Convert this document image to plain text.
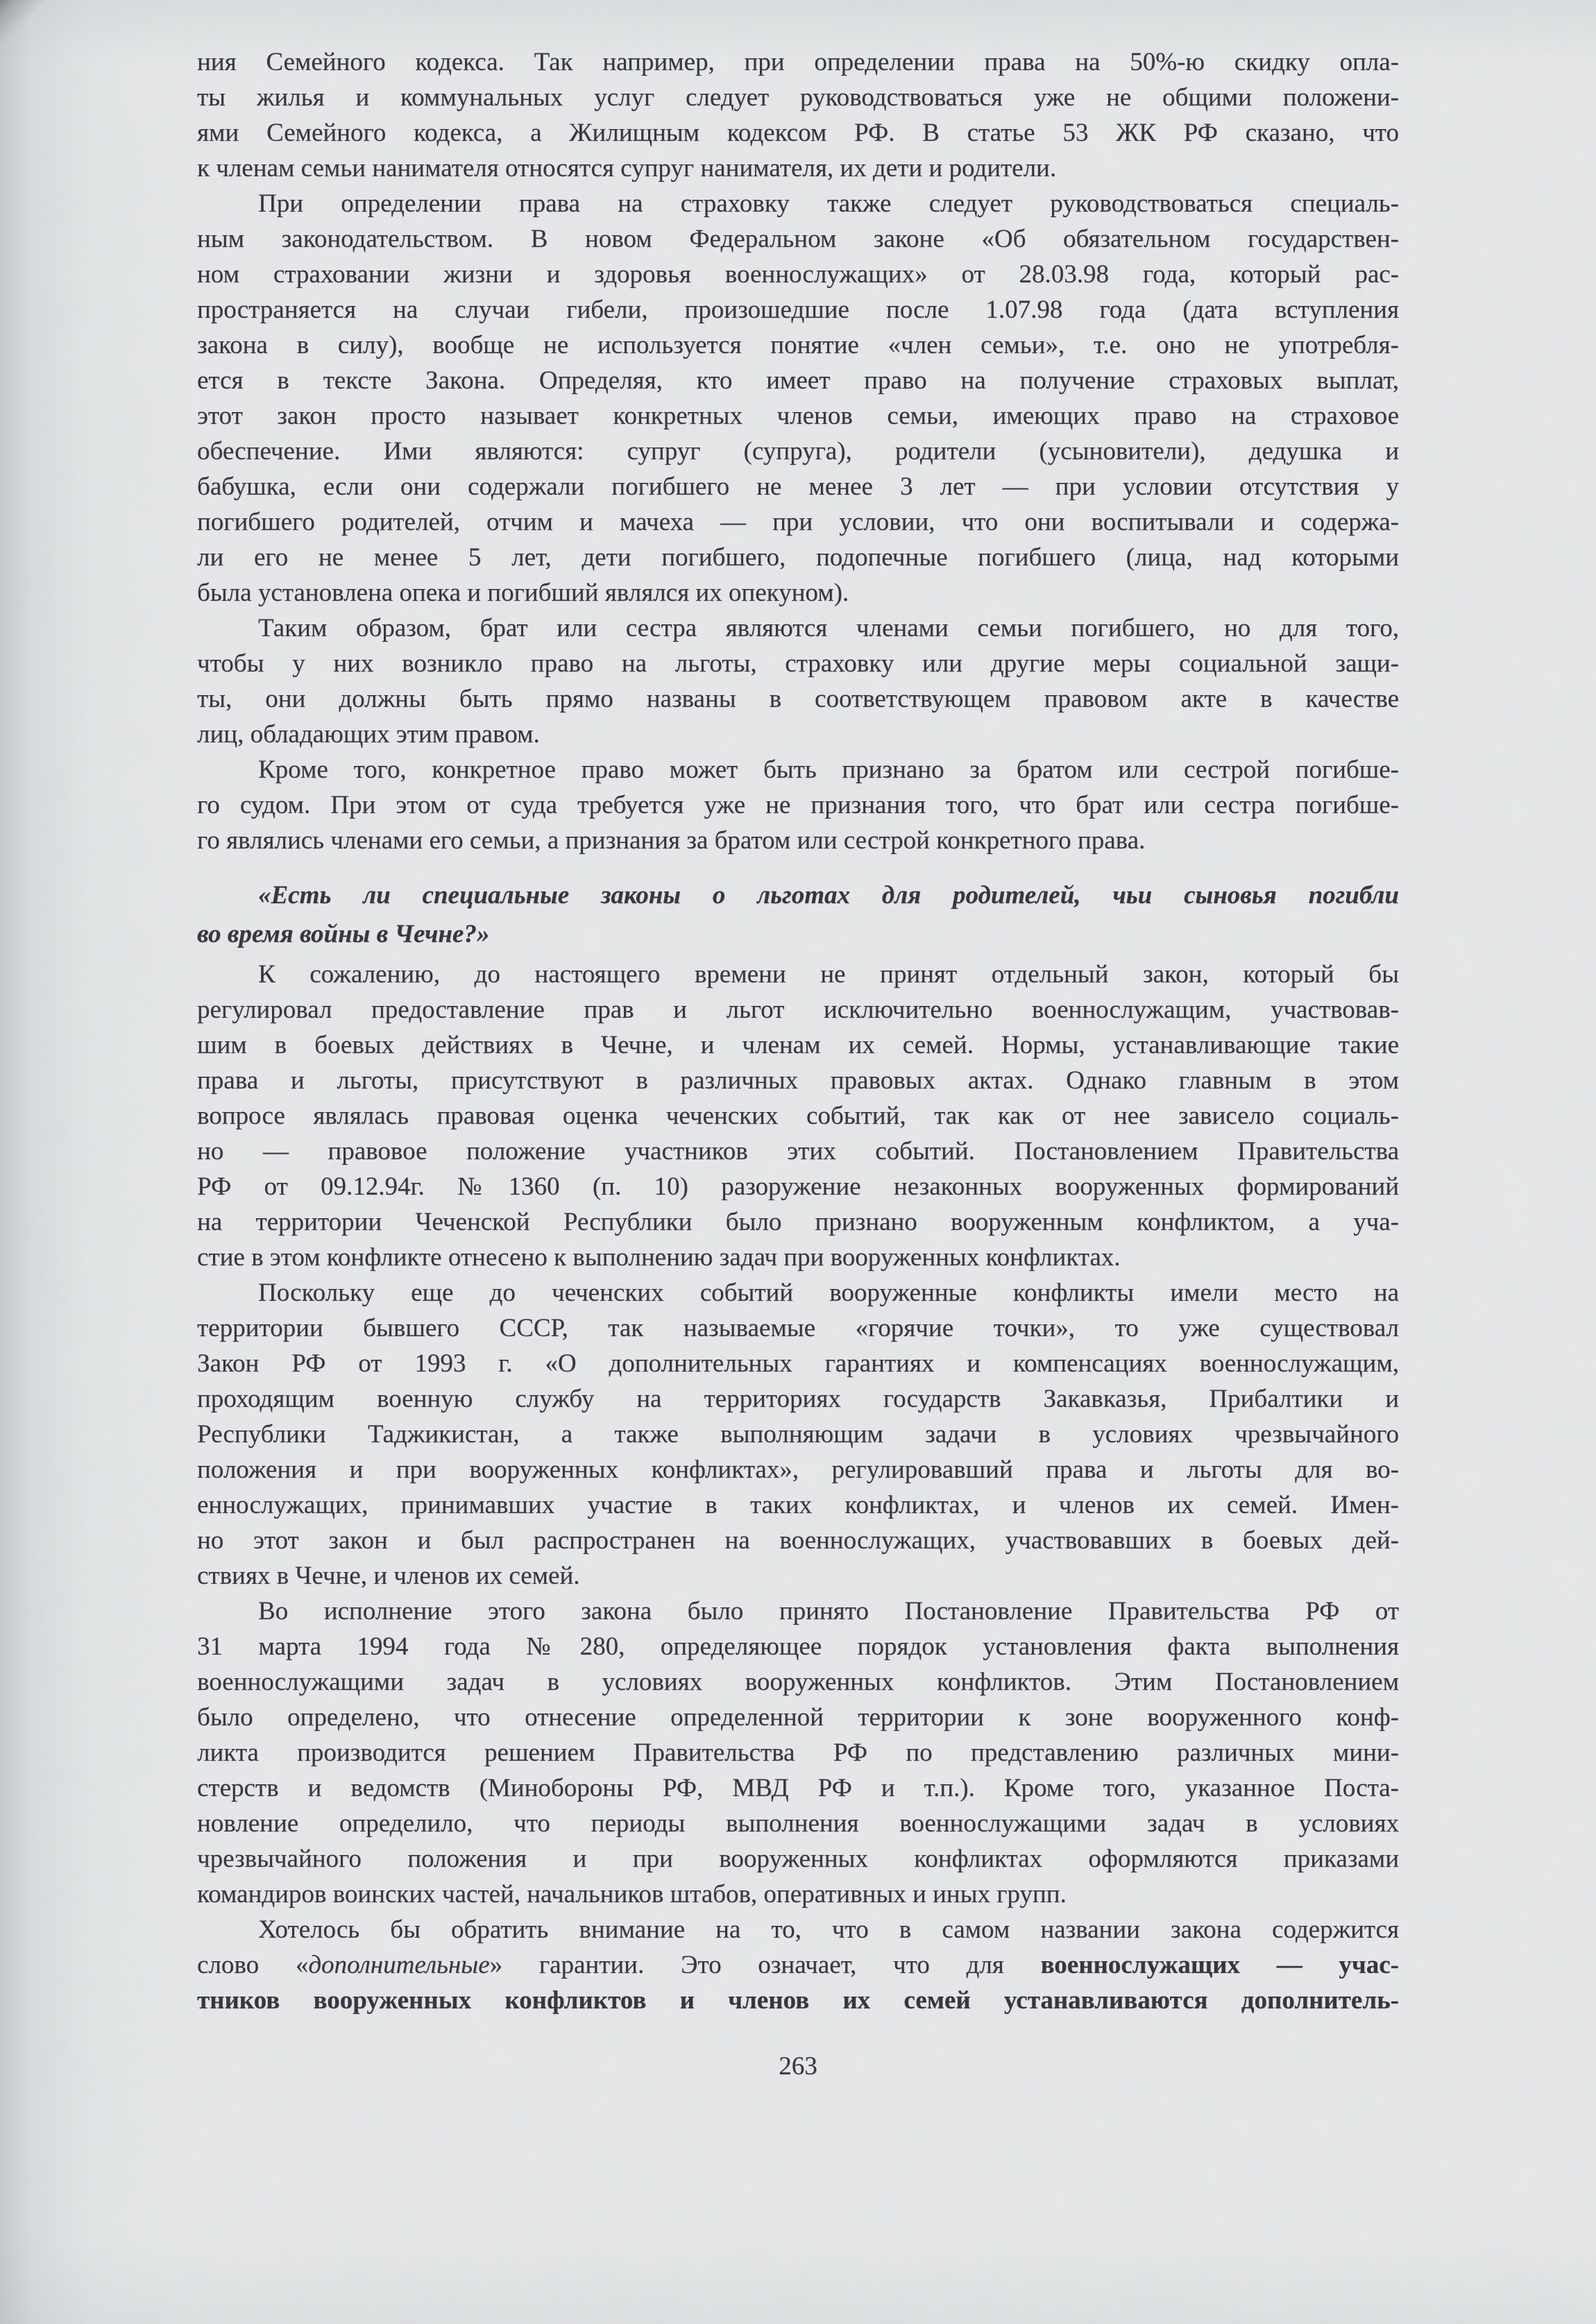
ния Семейного кодекса. Так например, при определении права на 50%-ю скидку опла-
ты жилья и коммунальных услуг следует руководствоваться уже не общими положени-
ями Семейного кодекса, а Жилищным кодексом РФ. В статье 53 ЖК РФ сказано, что
к членам семьи нанимателя относятся супруг нанимателя, их дети и родители.
При определении права на страховку также следует руководствоваться специаль-
ным законодательством. В новом Федеральном законе «Об обязательном государствен-
ном страховании жизни и здоровья военнослужащих» от 28.03.98 года, который рас-
пространяется на случаи гибели, произошедшие после 1.07.98 года (дата вступления
закона в силу), вообще не используется понятие «член семьи», т.е. оно не употребля-
ется в тексте Закона. Определяя, кто имеет право на получение страховых выплат,
этот закон просто называет конкретных членов семьи, имеющих право на страховое
обеспечение. Ими являются: супруг (супруга), родители (усыновители), дедушка и
бабушка, если они содержали погибшего не менее 3 лет — при условии отсутствия у
погибшего родителей, отчим и мачеха — при условии, что они воспитывали и содержа-
ли его не менее 5 лет, дети погибшего, подопечные погибшего (лица, над которыми
была установлена опека и погибший являлся их опекуном).
Таким образом, брат или сестра являются членами семьи погибшего, но для того,
чтобы у них возникло право на льготы, страховку или другие меры социальной защи-
ты, они должны быть прямо названы в соответствующем правовом акте в качестве
лиц, обладающих этим правом.
Кроме того, конкретное право может быть признано за братом или сестрой погибше-
го судом. При этом от суда требуется уже не признания того, что брат или сестра погибше-
го являлись членами его семьи, а признания за братом или сестрой конкретного права.
«Есть ли специальные законы о льготах для родителей, чьи сыновья погибли
во время войны в Чечне?»
К сожалению, до настоящего времени не принят отдельный закон, который бы
регулировал предоставление прав и льгот исключительно военнослужащим, участвовав-
шим в боевых действиях в Чечне, и членам их семей. Нормы, устанавливающие такие
права и льготы, присутствуют в различных правовых актах. Однако главным в этом
вопросе являлась правовая оценка чеченских событий, так как от нее зависело социаль-
но — правовое положение участников этих событий. Постановлением Правительства
РФ от 09.12.94г. №1360 (п. 10) разоружение незаконных вооруженных формирований
на территории Чеченской Республики было признано вооруженным конфликтом, а уча-
стие в этом конфликте отнесено к выполнению задач при вооруженных конфликтах.
Поскольку еще до чеченских событий вооруженные конфликты имели место на
территории бывшего СССР, так называемые «горячие точки», то уже существовал
Закон РФ от 1993 г. «О дополнительных гарантиях и компенсациях военнослужащим,
проходящим военную службу на территориях государств Закавказья, Прибалтики и
Республики Таджикистан, а также выполняющим задачи в условиях чрезвычайного
положения и при вооруженных конфликтах», регулировавший права и льготы для во-
еннослужащих, принимавших участие в таких конфликтах, и членов их семей. Имен-
но этот закон и был распространен на военнослужащих, участвовавших в боевых дей-
ствиях в Чечне, и членов их семей.
Во исполнение этого закона было принято Постановление Правительства РФ от
31 марта 1994 года №280, определяющее порядок установления факта выполнения
военнослужащими задач в условиях вооруженных конфликтов. Этим Постановлением
было определено, что отнесение определенной территории к зоне вооруженного конф-
ликта производится решением Правительства РФ по представлению различных мини-
стерств и ведомств (Минобороны РФ, МВД РФ и т.п.). Кроме того, указанное Поста-
новление определило, что периоды выполнения военнослужащими задач в условиях
чрезвычайного положения и при вооруженных конфликтах оформляются приказами
командиров воинских частей, начальников штабов, оперативных и иных групп.
Хотелось бы обратить внимание на то, что в самом названии закона содержится
слово «дополнительные» гарантии. Это означает, что для военнослужащих — учас-
тников вооруженных конфликтов и членов их семей устанавливаются дополнитель-
263
